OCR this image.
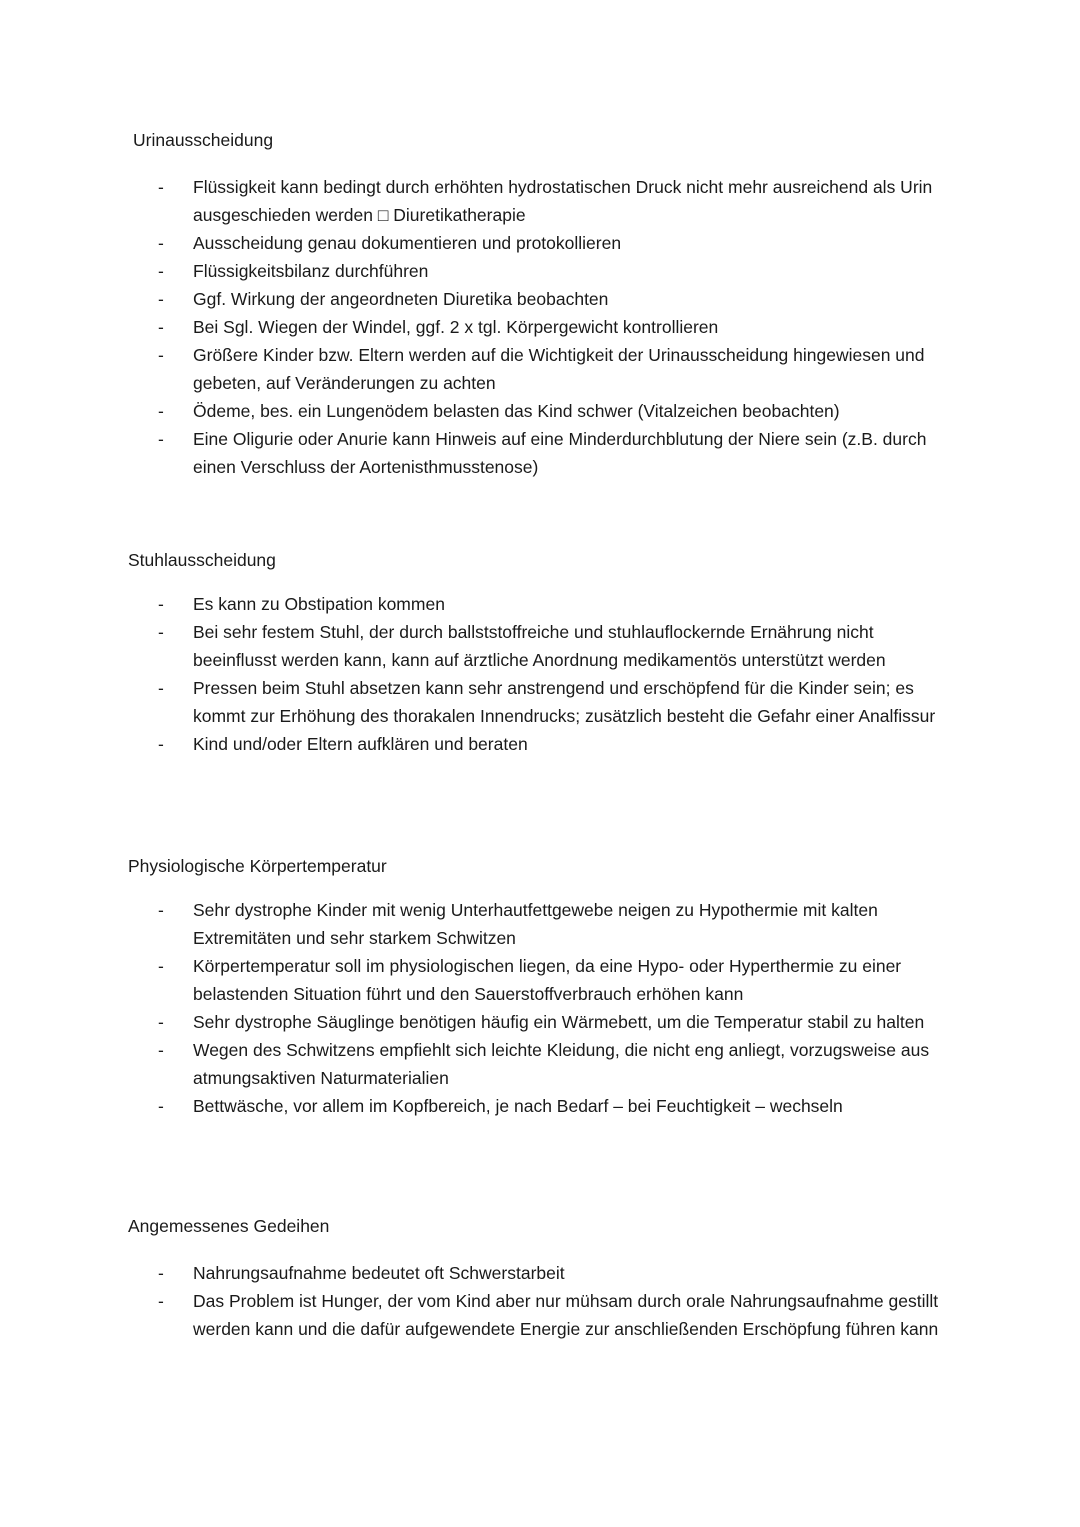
Urinausscheidung
-	Flüssigkeit kann bedingt durch erhöhten hydrostatischen Druck nicht mehr ausreichend als Urin ausgeschieden werden □ Diuretikatherapie
-	Ausscheidung genau dokumentieren und protokollieren
-	Flüssigkeitsbilanz durchführen
-	Ggf. Wirkung der angeordneten Diuretika beobachten
-	Bei Sgl. Wiegen der Windel, ggf. 2 x tgl. Körpergewicht kontrollieren
-	Größere Kinder bzw. Eltern werden auf die Wichtigkeit der Urinausscheidung hingewiesen und gebeten, auf Veränderungen zu achten
-	Ödeme, bes. ein Lungenödem belasten das Kind schwer (Vitalzeichen beobachten)
-	Eine Oligurie oder Anurie kann Hinweis auf eine Minderdurchblutung der Niere sein (z.B. durch einen Verschluss der Aortenisthmusstenose)
Stuhlausscheidung
-	Es kann zu Obstipation kommen
-	Bei sehr festem Stuhl, der durch ballststoffreiche und stuhlauflockernde Ernährung nicht beeinflusst werden kann, kann auf ärztliche Anordnung medikamentös unterstützt werden
-	Pressen beim Stuhl absetzen kann sehr anstrengend und erschöpfend für die Kinder sein; es kommt zur Erhöhung des thorakalen Innendrucks; zusätzlich besteht die Gefahr einer Analfissur
-	Kind und/oder Eltern aufklären und beraten
Physiologische Körpertemperatur
-	Sehr dystrophe Kinder mit wenig Unterhautfettgewebe neigen zu Hypothermie mit kalten Extremitäten und sehr starkem Schwitzen
-	Körpertemperatur soll im physiologischen liegen, da eine Hypo- oder Hyperthermie zu einer belastenden Situation führt und den Sauerstoffverbrauch erhöhen kann
-	Sehr dystrophe Säuglinge benötigen häufig ein Wärmebett, um die Temperatur stabil zu halten
-	Wegen des Schwitzens empfiehlt sich leichte Kleidung, die nicht eng anliegt, vorzugsweise aus atmungsaktiven Naturmaterialien
-	Bettwäsche, vor allem im Kopfbereich, je nach Bedarf – bei Feuchtigkeit – wechseln
Angemessenes Gedeihen
-	Nahrungsaufnahme bedeutet oft Schwerstarbeit
-	Das Problem ist Hunger, der vom Kind aber nur mühsam durch orale Nahrungsaufnahme gestillt werden kann und die dafür aufgewendete Energie zur anschließenden Erschöpfung führen kann
